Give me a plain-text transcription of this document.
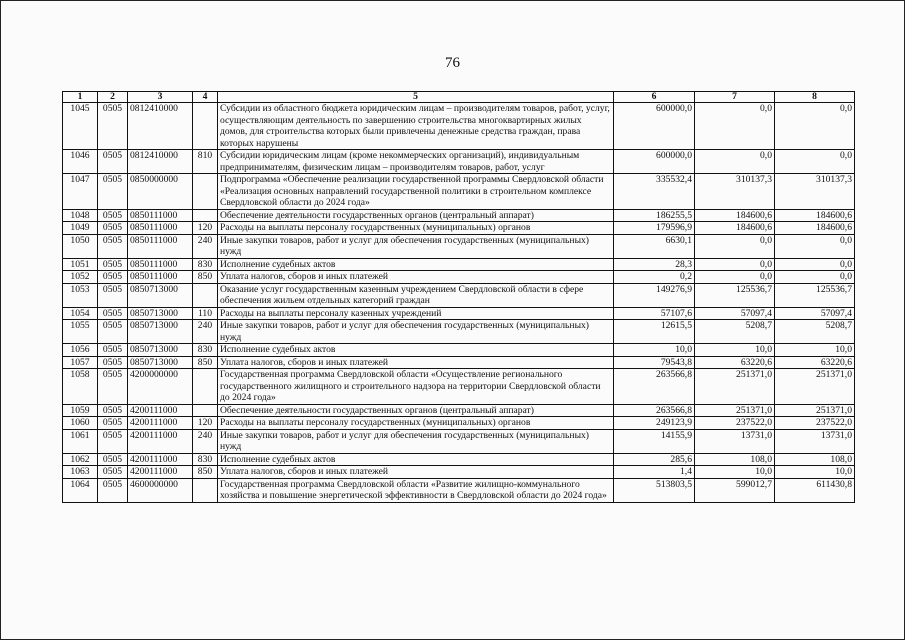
76
1	2	3	4	5	6	7	8
1045	0505	0812410000		Субсидии из областного бюджета юридическим лицам – производителям товаров, работ, услуг, осуществляющим деятельность по завершению строительства многоквартирных жилых домов, для строительства которых были привлечены денежные средства граждан, права которых нарушены	600000,0	0,0	0,0
1046	0505	0812410000	810	Субсидии юридическим лицам (кроме некоммерческих организаций), индивидуальным предпринимателям, физическим лицам – производителям товаров, работ, услуг	600000,0	0,0	0,0
1047	0505	0850000000		Подпрограмма «Обеспечение реализации государственной программы Свердловской области «Реализация основных направлений государственной политики в строительном комплексе Свердловской области до 2024 года»	335532,4	310137,3	310137,3
1048	0505	0850111000		Обеспечение деятельности государственных органов (центральный аппарат)	186255,5	184600,6	184600,6
1049	0505	0850111000	120	Расходы на выплаты персоналу государственных (муниципальных) органов	179596,9	184600,6	184600,6
1050	0505	0850111000	240	Иные закупки товаров, работ и услуг для обеспечения государственных (муниципальных) нужд	6630,1	0,0	0,0
1051	0505	0850111000	830	Исполнение судебных актов	28,3	0,0	0,0
1052	0505	0850111000	850	Уплата налогов, сборов и иных платежей	0,2	0,0	0,0
1053	0505	0850713000		Оказание услуг государственным казенным учреждением Свердловской области в сфере обеспечения жильем отдельных категорий граждан	149276,9	125536,7	125536,7
1054	0505	0850713000	110	Расходы на выплаты персоналу казенных учреждений	57107,6	57097,4	57097,4
1055	0505	0850713000	240	Иные закупки товаров, работ и услуг для обеспечения государственных (муниципальных) нужд	12615,5	5208,7	5208,7
1056	0505	0850713000	830	Исполнение судебных актов	10,0	10,0	10,0
1057	0505	0850713000	850	Уплата налогов, сборов и иных платежей	79543,8	63220,6	63220,6
1058	0505	4200000000		Государственная программа Свердловской области «Осуществление регионального государственного жилищного и строительного надзора на территории Свердловской области до 2024 года»	263566,8	251371,0	251371,0
1059	0505	4200111000		Обеспечение деятельности государственных органов (центральный аппарат)	263566,8	251371,0	251371,0
1060	0505	4200111000	120	Расходы на выплаты персоналу государственных (муниципальных) органов	249123,9	237522,0	237522,0
1061	0505	4200111000	240	Иные закупки товаров, работ и услуг для обеспечения государственных (муниципальных) нужд	14155,9	13731,0	13731,0
1062	0505	4200111000	830	Исполнение судебных актов	285,6	108,0	108,0
1063	0505	4200111000	850	Уплата налогов, сборов и иных платежей	1,4	10,0	10,0
1064	0505	4600000000		Государственная программа Свердловской области «Развитие жилищно-коммунального хозяйства и повышение энергетической эффективности в Свердловской области до 2024 года»	513803,5	599012,7	611430,8
